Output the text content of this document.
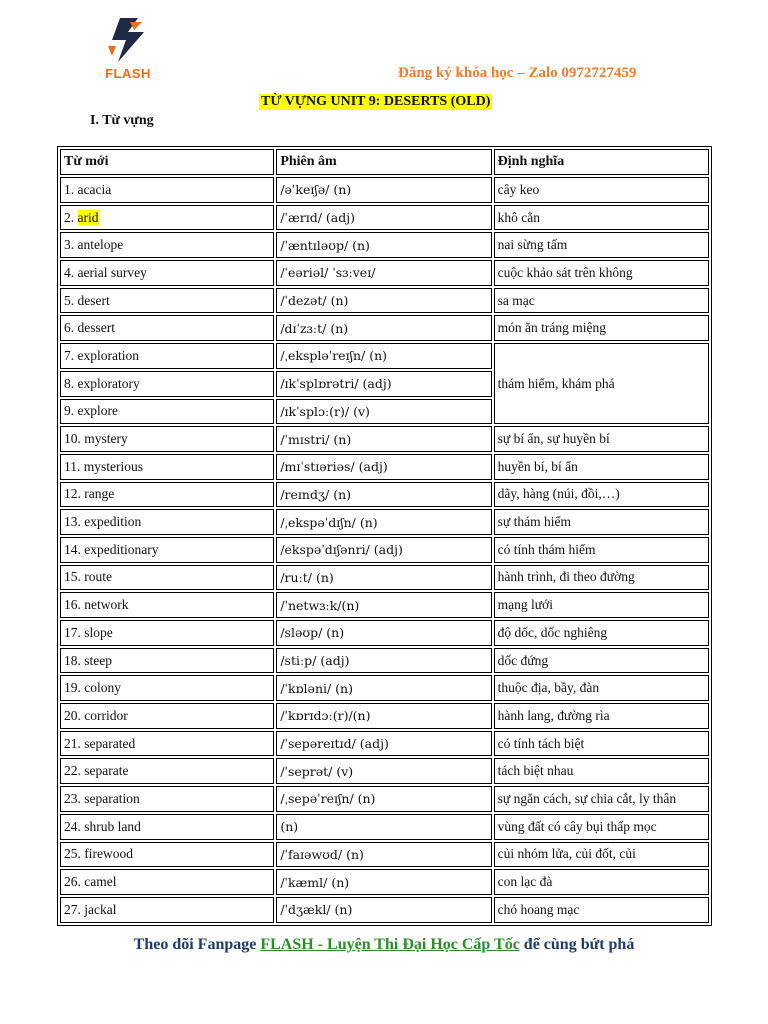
FLASH	Đăng ký khóa học – Zalo 0972727459
TỪ VỰNG UNIT 9: DESERTS (OLD)
I. Từ vựng
Từ mới	Phiên âm	Định nghĩa
1. acacia	/əˈkeɪʃə/ (n)	cây keo
2. arid	/ˈærɪd/ (adj)	khô cằn
3. antelope	/ˈæntɪləʊp/ (n)	nai sừng tấm
4. aerial survey	/ˈeəriəl/ ˈsɜːveɪ/	cuộc khảo sát trên không
5. desert	/ˈdezət/ (n)	sa mạc
6. dessert	/dɪˈzɜːt/ (n)	món ăn tráng miệng
7. exploration	/ˌekspləˈreɪʃn/ (n)	thám hiểm, khám phá
8. exploratory	/ɪkˈsplɒrətri/ (adj)	
9. explore	/ɪkˈsplɔː(r)/ (v)	
10. mystery	/ˈmɪstri/ (n)	sự bí ẩn, sự huyền bí
11. mysterious	/mɪˈstɪəriəs/ (adj)	huyền bí, bí ẩn
12. range	/reɪndʒ/ (n)	dãy, hàng (núi, đồi,…)
13. expedition	/ˌekspəˈdɪʃn/ (n)	sự thám hiểm
14. expeditionary	/ekspəˈdɪʃənri/ (adj)	có tính thám hiểm
15. route	/ruːt/ (n)	hành trình, đi theo đường
16. network	/ˈnetwɜːk/(n)	mạng lưới
17. slope	/sləʊp/ (n)	độ dốc, dốc nghiêng
18. steep	/stiːp/ (adj)	dốc đứng
19. colony	/ˈkɒləni/ (n)	thuộc địa, bầy, đàn
20. corridor	/ˈkɒrɪdɔː(r)/(n)	hành lang, đường rìa
21. separated	/ˈsepəreɪtɪd/ (adj)	có tính tách biệt
22. separate	/ˈseprət/ (v)	tách biệt nhau
23. separation	/ˌsepəˈreɪʃn/ (n)	sự ngăn cách, sự chia cắt, ly thân
24. shrub land	(n)	vùng đất có cây bụi thấp mọc
25. firewood	/ˈfaɪəwʊd/ (n)	củi nhóm lửa, củi đốt, củi
26. camel	/ˈkæml/ (n)	con lạc đà
27. jackal	/ˈdʒækl/ (n)	chó hoang mạc
Theo dõi Fanpage FLASH - Luyện Thi Đại Học Cấp Tốc để cùng bứt phá
